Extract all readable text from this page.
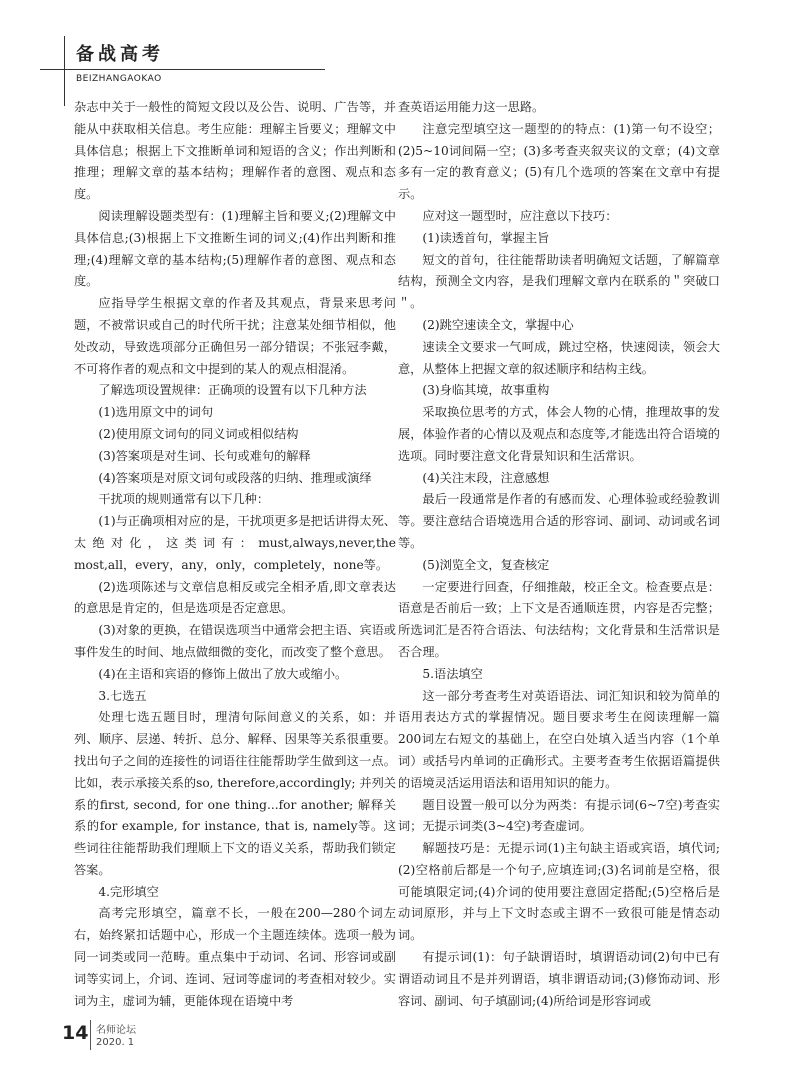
备战高考
BEIZHANGAOKAO

杂志中关于一般性的简短文段以及公告、说明、广告等，并能从中获取相关信息。考生应能：理解主旨要义；理解文中具体信息；根据上下文推断单词和短语的含义；作出判断和推理；理解文章的基本结构；理解作者的意图、观点和态度。

阅读理解设题类型有：(1)理解主旨和要义;(2)理解文中具体信息;(3)根据上下文推断生词的词义;(4)作出判断和推理;(4)理解文章的基本结构;(5)理解作者的意图、观点和态度。

应指导学生根据文章的作者及其观点，背景来思考问题，不被常识或自己的时代所干扰；注意某处细节相似，他处改动，导致选项部分正确但另一部分错误；不张冠李戴，不可将作者的观点和文中提到的某人的观点相混淆。

了解选项设置规律：正确项的设置有以下几种方法

(1)选用原文中的词句

(2)使用原文词句的同义词或相似结构

(3)答案项是对生词、长句或难句的解释

(4)答案项是对原文词句或段落的归纳、推理或演绎

干扰项的规则通常有以下几种：

(1)与正确项相对应的是，干扰项更多是把话讲得太死、太绝对化，这类词有：must,always,never,the most,all，every，any，only，completely，none等。

(2)选项陈述与文章信息相反或完全相矛盾,即文章表达的意思是肯定的，但是选项是否定意思。

(3)对象的更换，在错误选项当中通常会把主语、宾语或事件发生的时间、地点做细微的变化，而改变了整个意思。

(4)在主语和宾语的修饰上做出了放大或缩小。

3.七选五

处理七选五题目时，理清句际间意义的关系，如：并列、顺序、层递、转折、总分、解释、因果等关系很重要。找出句子之间的连接性的词语往往能帮助学生做到这一点。比如，表示承接关系的so, therefore,accordingly; 并列关系的first, second, for one thing...for another; 解释关系的for example, for instance, that is, namely等。这些词往往能帮助我们理顺上下文的语义关系，帮助我们锁定答案。

4.完形填空

高考完形填空，篇章不长，一般在200—280个词左右，始终紧扣话题中心，形成一个主题连续体。选项一般为同一词类或同一范畴。重点集中于动词、名词、形容词或副词等实词上，介词、连词、冠词等虚词的考查相对较少。实词为主，虚词为辅，更能体现在语境中考

查英语运用能力这一思路。

注意完型填空这一题型的的特点：(1)第一句不设空；(2)5~10词间隔一空；(3)多考查夹叙夹议的文章；(4)文章多有一定的教育意义；(5)有几个选项的答案在文章中有提示。

应对这一题型时，应注意以下技巧：

(1)读透首句，掌握主旨

短文的首句，往往能帮助读者明确短文话题，了解篇章结构，预测全文内容，是我们理解文章内在联系的＂突破口＂。

(2)跳空速读全文，掌握中心

速读全文要求一气呵成，跳过空格，快速阅读，领会大意，从整体上把握文章的叙述顺序和结构主线。

(3)身临其境，故事重构

采取换位思考的方式，体会人物的心情，推理故事的发展，体验作者的心情以及观点和态度等,才能选出符合语境的选项。同时要注意文化背景知识和生活常识。

(4)关注末段，注意感想

最后一段通常是作者的有感而发、心理体验或经验教训等。要注意结合语境选用合适的形容词、副词、动词或名词等。

(5)浏览全文，复查核定

一定要进行回查，仔细推敲，校正全文。检查要点是：语意是否前后一致；上下文是否通顺连贯，内容是否完整；所选词汇是否符合语法、句法结构；文化背景和生活常识是否合理。

5.语法填空

这一部分考查考生对英语语法、词汇知识和较为简单的语用表达方式的掌握情况。题目要求考生在阅读理解一篇200词左右短文的基础上，在空白处填入适当内容（1个单词）或括号内单词的正确形式。主要考查考生依据语篇提供的语境灵活运用语法和语用知识的能力。

题目设置一般可以分为两类：有提示词(6~7空)考查实词；无提示词类(3~4空)考查虚词。

解题技巧是：无提示词(1)主句缺主语或宾语，填代词;(2)空格前后都是一个句子,应填连词;(3)名词前是空格，很可能填限定词;(4)介词的使用要注意固定搭配;(5)空格后是动词原形，并与上下文时态或主谓不一致很可能是情态动词。

有提示词(1)：句子缺谓语时，填谓语动词(2)句中已有谓语动词且不是并列谓语，填非谓语动词;(3)修饰动词、形容词、副词、句子填副词;(4)所给词是形容词或

14 名师论坛
2020. 1
